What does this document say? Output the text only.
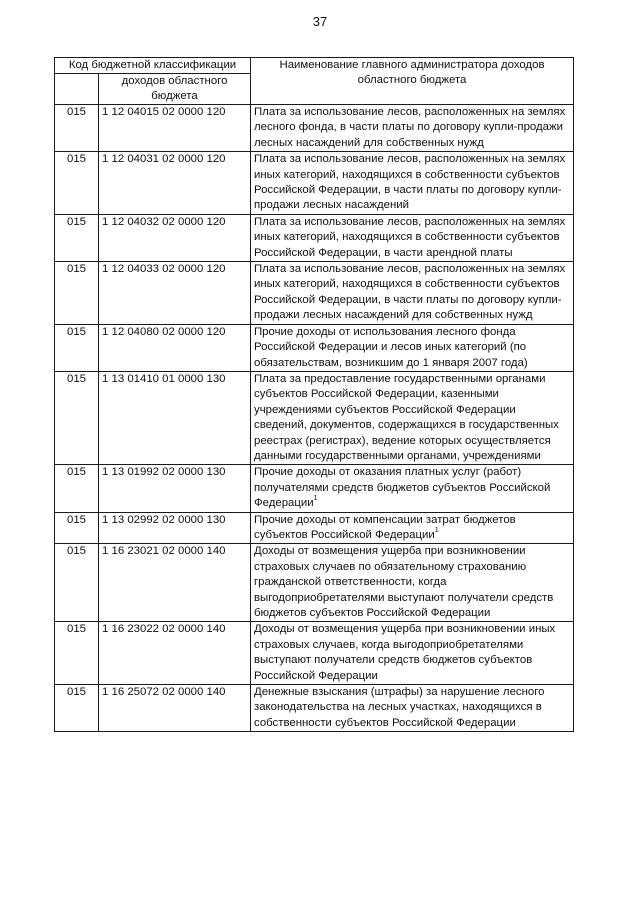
37
Код бюджетной классификации		Наименование главного администратора доходов областного бюджета

	доходов областного бюджета	
015	1 12 04015 02 0000 120	Плата за использование лесов, расположенных на землях лесного фонда, в части платы по договору купли-продажи лесных насаждений для собственных нужд
015	1 12 04031 02 0000 120	Плата за использование лесов, расположенных на землях иных категорий, находящихся в собственности субъектов Российской Федерации, в части платы по договору купли-продажи лесных насаждений
015	1 12 04032 02 0000 120	Плата за использование лесов, расположенных на землях иных категорий, находящихся в собственности субъектов Российской Федерации, в части арендной платы
015	1 12 04033 02 0000 120	Плата за использование лесов, расположенных на землях иных категорий, находящихся в собственности субъектов Российской Федерации, в части платы по договору купли-продажи лесных насаждений для собственных нужд
015	1 12 04080 02 0000 120	Прочие доходы от использования лесного фонда Российской Федерации и лесов иных категорий (по обязательствам, возникшим до 1 января 2007 года)
015	1 13 01410 01 0000 130	Плата за предоставление государственными органами субъектов Российской Федерации, казенными учреждениями субъектов Российской Федерации сведений, документов, содержащихся в государственных реестрах (регистрах), ведение которых осуществляется данными государственными органами, учреждениями
015	1 13 01992 02 0000 130	Прочие доходы от оказания платных услуг (работ) получателями средств бюджетов субъектов Российской Федерации$^1$
015	1 13 02992 02 0000 130	Прочие доходы от компенсации затрат бюджетов субъектов Российской Федерации$^1$
015	1 16 23021 02 0000 140	Доходы от возмещения ущерба при возникновении страховых случаев по обязательному страхованию гражданской ответственности, когда выгодоприобретателями выступают получатели средств бюджетов субъектов Российской Федерации
015	1 16 23022 02 0000 140	Доходы от возмещения ущерба при возникновении иных страховых случаев, когда выгодоприобретателями выступают получатели средств бюджетов субъектов Российской Федерации
015	1 16 25072 02 0000 140	Денежные взыскания (штрафы) за нарушение лесного законодательства на лесных участках, находящихся в собственности субъектов Российской Федерации
